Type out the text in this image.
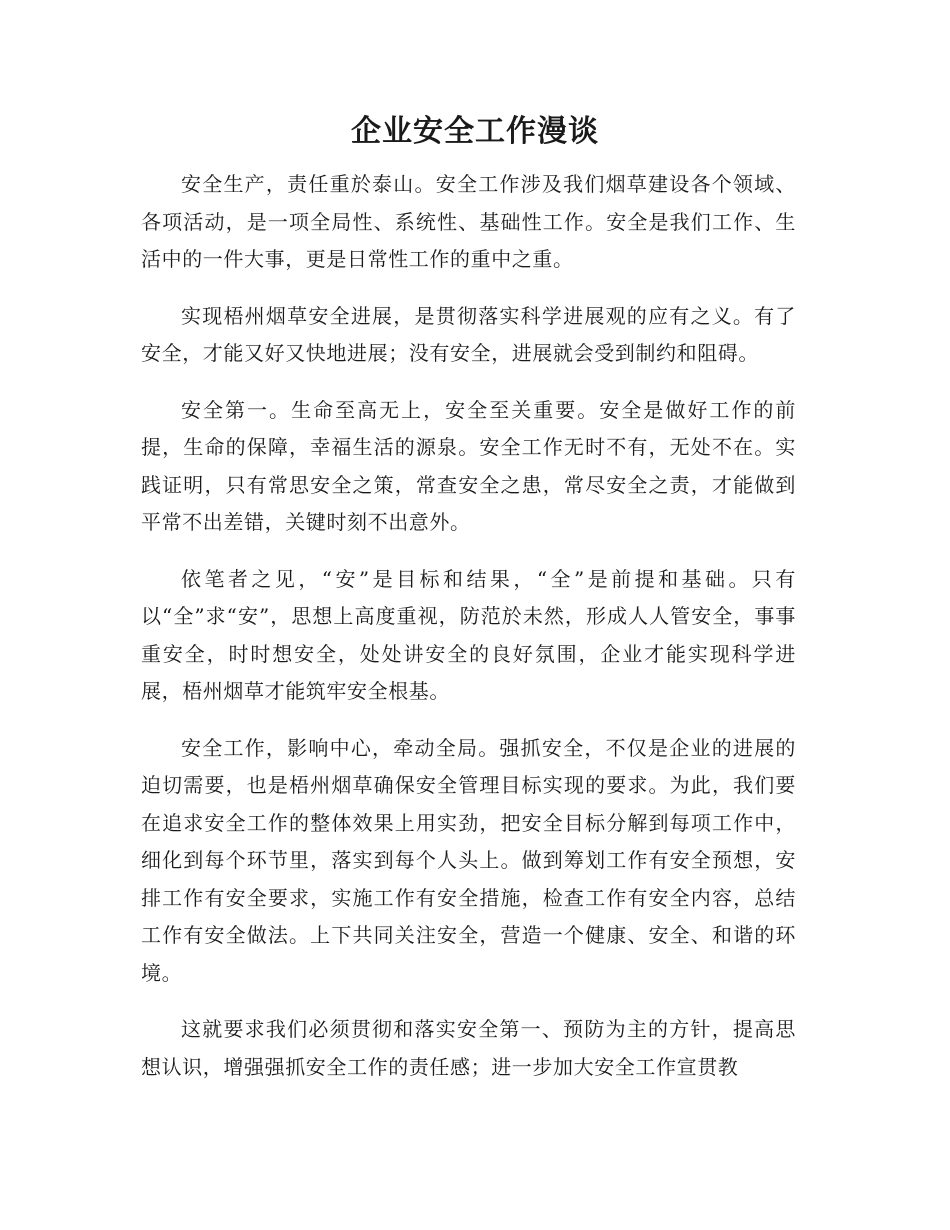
企业安全工作漫谈

安全生产，责任重於泰山。安全工作涉及我们烟草建设各个领域、各项活动，是一项全局性、系统性、基础性工作。安全是我们工作、生活中的一件大事，更是日常性工作的重中之重。

实现梧州烟草安全进展，是贯彻落实科学进展观的应有之义。有了安全，才能又好又快地进展；没有安全，进展就会受到制约和阻碍。

安全第一。生命至高无上，安全至关重要。安全是做好工作的前提，生命的保障，幸福生活的源泉。安全工作无时不有，无处不在。实践证明，只有常思安全之策，常查安全之患，常尽安全之责，才能做到平常不出差错，关键时刻不出意外。

依笔者之见，“安”是目标和结果，“全”是前提和基础。只有以“全”求“安”，思想上高度重视，防范於未然，形成人人管安全，事事重安全，时时想安全，处处讲安全的良好氛围，企业才能实现科学进展，梧州烟草才能筑牢安全根基。

安全工作，影响中心，牵动全局。强抓安全，不仅是企业的进展的迫切需要，也是梧州烟草确保安全管理目标实现的要求。为此，我们要在追求安全工作的整体效果上用实劲，把安全目标分解到每项工作中，细化到每个环节里，落实到每个人头上。做到筹划工作有安全预想，安排工作有安全要求，实施工作有安全措施，检查工作有安全内容，总结工作有安全做法。上下共同关注安全，营造一个健康、安全、和谐的环境。

这就要求我们必须贯彻和落实安全第一、预防为主的方针，提高思想认识，增强强抓安全工作的责任感；进一步加大安全工作宣贯教
